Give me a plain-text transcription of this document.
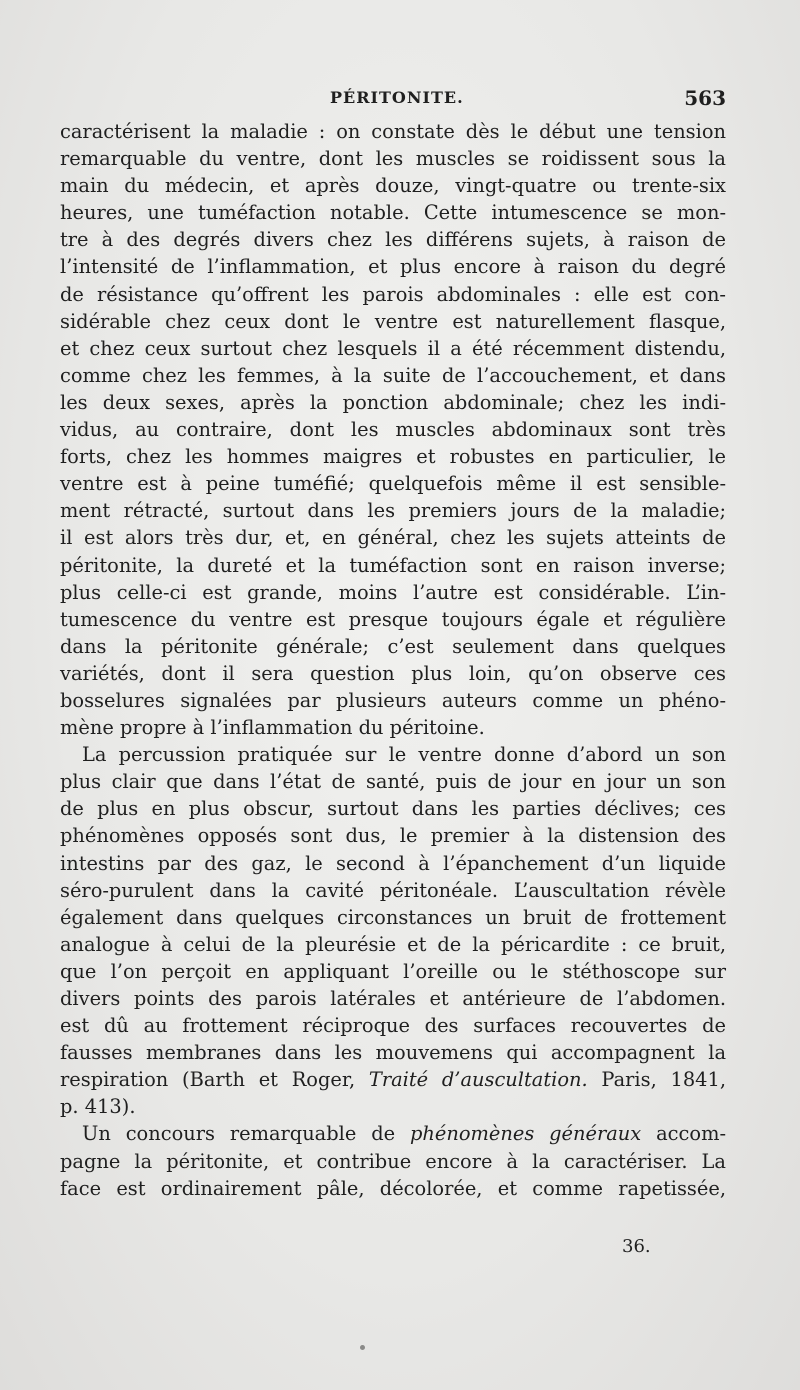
PÉRITONITE.	563
caractérisent la maladie : on constate dès le début une tension
remarquable du ventre, dont les muscles se roidissent sous la
main du médecin, et après douze, vingt-quatre ou trente-six
heures, une tuméfaction notable. Cette intumescence se mon-
tre à des degrés divers chez les différens sujets, à raison de
l’intensité de l’inflammation, et plus encore à raison du degré
de résistance qu’offrent les parois abdominales : elle est con-
sidérable chez ceux dont le ventre est naturellement flasque,
et chez ceux surtout chez lesquels il a été récemment distendu,
comme chez les femmes, à la suite de l’accouchement, et dans
les deux sexes, après la ponction abdominale; chez les indi-
vidus, au contraire, dont les muscles abdominaux sont très
forts, chez les hommes maigres et robustes en particulier, le
ventre est à peine tuméfié; quelquefois même il est sensible-
ment rétracté, surtout dans les premiers jours de la maladie;
il est alors très dur, et, en général, chez les sujets atteints de
péritonite, la dureté et la tuméfaction sont en raison inverse;
plus celle-ci est grande, moins l’autre est considérable. L’in-
tumescence du ventre est presque toujours égale et régulière
dans la péritonite générale; c’est seulement dans quelques
variétés, dont il sera question plus loin, qu’on observe ces
bosselures signalées par plusieurs auteurs comme un phéno-
mène propre à l’inflammation du péritoine.
La percussion pratiquée sur le ventre donne d’abord un son
plus clair que dans l’état de santé, puis de jour en jour un son
de plus en plus obscur, surtout dans les parties déclives; ces
phénomènes opposés sont dus, le premier à la distension des
intestins par des gaz, le second à l’épanchement d’un liquide
séro-purulent dans la cavité péritonéale. L’auscultation révèle
également dans quelques circonstances un bruit de frottement
analogue à celui de la pleurésie et de la péricardite : ce bruit,
que l’on perçoit en appliquant l’oreille ou le stéthoscope sur
divers points des parois latérales et antérieure de l’abdomen.
est dû au frottement réciproque des surfaces recouvertes de
fausses membranes dans les mouvemens qui accompagnent la
respiration (Barth et Roger, Traité d’auscultation. Paris, 1841,
p. 413).
Un concours remarquable de phénomènes généraux accom-
pagne la péritonite, et contribue encore à la caractériser. La
face est ordinairement pâle, décolorée, et comme rapetissée,
36.
